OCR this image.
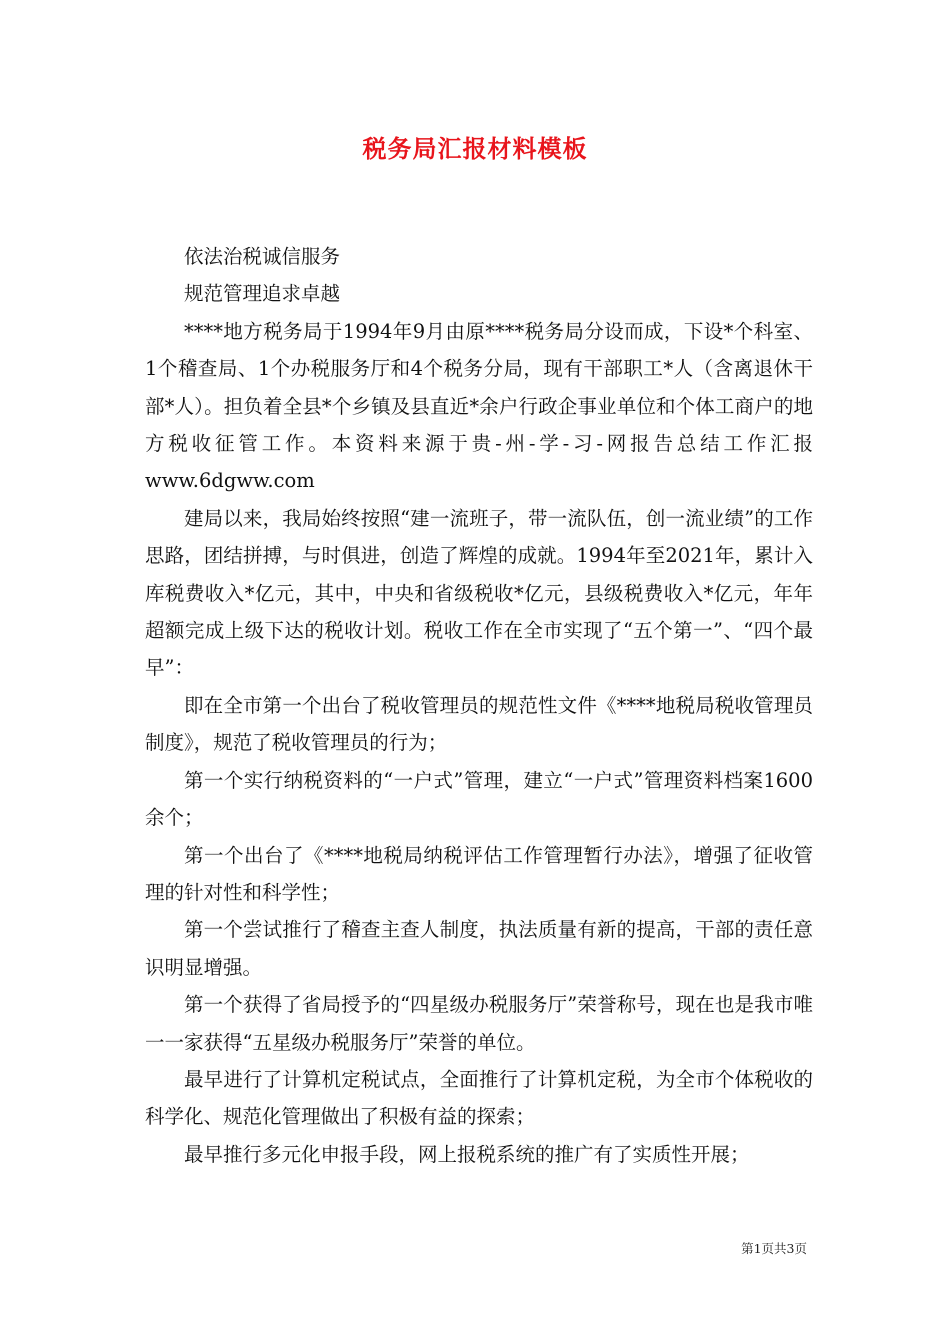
税务局汇报材料模板

依法治税诚信服务

规范管理追求卓越

****地方税务局于1994年9月由原****税务局分设而成，下设*个科室、1个稽查局、1个办税服务厅和4个税务分局，现有干部职工*人（含离退休干部*人）。担负着全县*个乡镇及县直近*余户行政企事业单位和个体工商户的地方税收征管工作。本资料来源于贵-州-学-习-网报告总结工作汇报www.6dgww.com

建局以来，我局始终按照“建一流班子，带一流队伍，创一流业绩”的工作思路，团结拼搏，与时俱进，创造了辉煌的成就。1994年至2021年，累计入库税费收入*亿元，其中，中央和省级税收*亿元，县级税费收入*亿元，年年超额完成上级下达的税收计划。税收工作在全市实现了“五个第一”、“四个最早”：

即在全市第一个出台了税收管理员的规范性文件《****地税局税收管理员制度》，规范了税收管理员的行为；

第一个实行纳税资料的“一户式”管理，建立“一户式”管理资料档案1600余个；

第一个出台了《****地税局纳税评估工作管理暂行办法》，增强了征收管理的针对性和科学性；

第一个尝试推行了稽查主查人制度，执法质量有新的提高，干部的责任意识明显增强。

第一个获得了省局授予的“四星级办税服务厅”荣誉称号，现在也是我市唯一一家获得“五星级办税服务厅”荣誉的单位。

最早进行了计算机定税试点，全面推行了计算机定税，为全市个体税收的科学化、规范化管理做出了积极有益的探索；

最早推行多元化申报手段，网上报税系统的推广有了实质性开展；

第1页共3页
